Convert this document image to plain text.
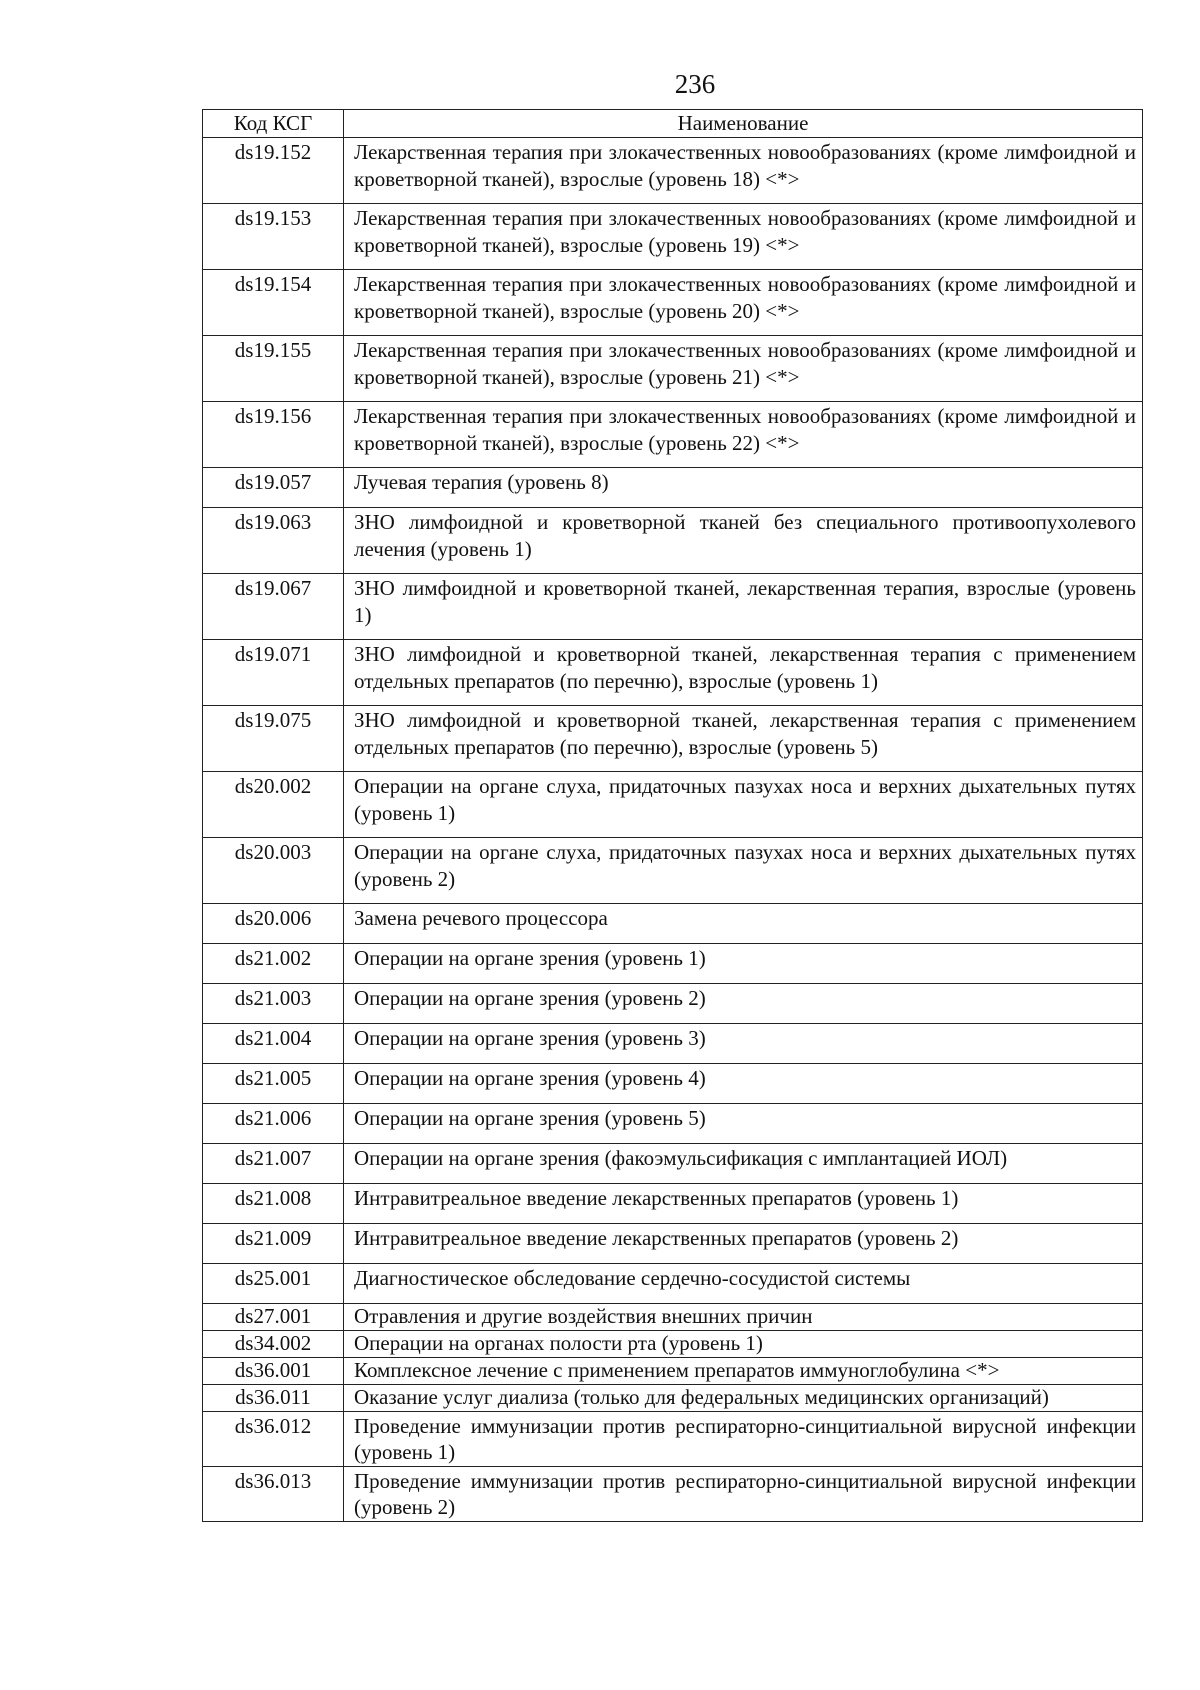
236
Код КСГ	Наименование
ds19.152	Лекарственная терапия при злокачественных новообразованиях (кроме лимфоидной и кроветворной тканей), взрослые (уровень 18) <*>
ds19.153	Лекарственная терапия при злокачественных новообразованиях (кроме лимфоидной и кроветворной тканей), взрослые (уровень 19) <*>
ds19.154	Лекарственная терапия при злокачественных новообразованиях (кроме лимфоидной и кроветворной тканей), взрослые (уровень 20) <*>
ds19.155	Лекарственная терапия при злокачественных новообразованиях (кроме лимфоидной и кроветворной тканей), взрослые (уровень 21) <*>
ds19.156	Лекарственная терапия при злокачественных новообразованиях (кроме лимфоидной и кроветворной тканей), взрослые (уровень 22) <*>
ds19.057	Лучевая терапия (уровень 8)
ds19.063	ЗНО лимфоидной и кроветворной тканей без специального противоопухолевого лечения (уровень 1)
ds19.067	ЗНО лимфоидной и кроветворной тканей, лекарственная терапия, взрослые (уровень 1)
ds19.071	ЗНО лимфоидной и кроветворной тканей, лекарственная терапия с применением отдельных препаратов (по перечню), взрослые (уровень 1)
ds19.075	ЗНО лимфоидной и кроветворной тканей, лекарственная терапия с применением отдельных препаратов (по перечню), взрослые (уровень 5)
ds20.002	Операции на органе слуха, придаточных пазухах носа и верхних дыхательных путях (уровень 1)
ds20.003	Операции на органе слуха, придаточных пазухах носа и верхних дыхательных путях (уровень 2)
ds20.006	Замена речевого процессора
ds21.002	Операции на органе зрения (уровень 1)
ds21.003	Операции на органе зрения (уровень 2)
ds21.004	Операции на органе зрения (уровень 3)
ds21.005	Операции на органе зрения (уровень 4)
ds21.006	Операции на органе зрения (уровень 5)
ds21.007	Операции на органе зрения (факоэмульсификация с имплантацией ИОЛ)
ds21.008	Интравитреальное введение лекарственных препаратов (уровень 1)
ds21.009	Интравитреальное введение лекарственных препаратов (уровень 2)
ds25.001	Диагностическое обследование сердечно-сосудистой системы
ds27.001	Отравления и другие воздействия внешних причин
ds34.002	Операции на органах полости рта (уровень 1)
ds36.001	Комплексное лечение с применением препаратов иммуноглобулина <*>
ds36.011	Оказание услуг диализа (только для федеральных медицинских организаций)
ds36.012	Проведение иммунизации против респираторно-синцитиальной вирусной инфекции (уровень 1)
ds36.013	Проведение иммунизации против респираторно-синцитиальной вирусной инфекции (уровень 2)
